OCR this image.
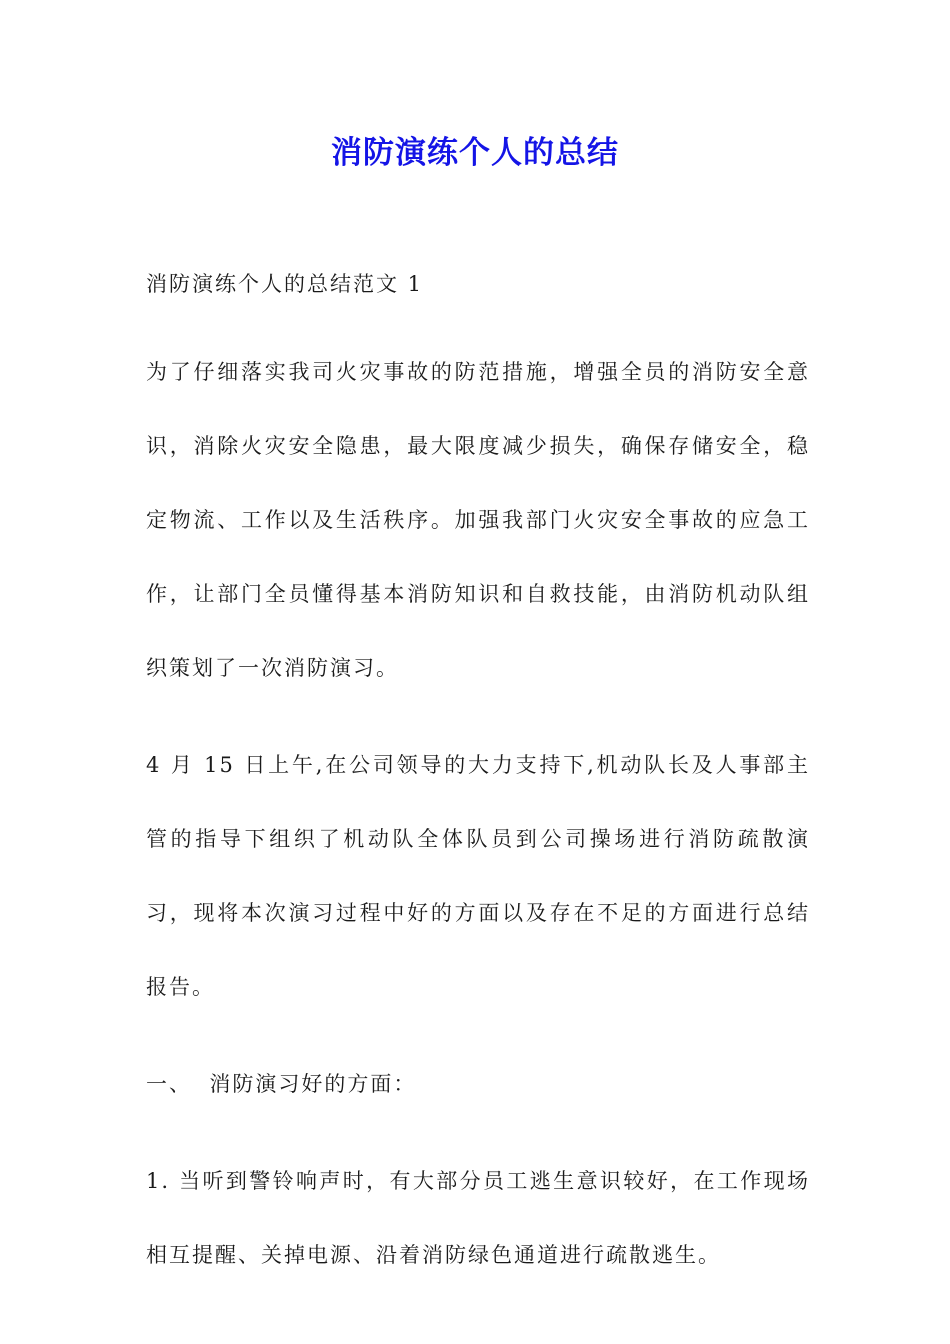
消防演练个人的总结

消防演练个人的总结范文 1

为了仔细落实我司火灾事故的防范措施，增强全员的消防安全意识，消除火灾安全隐患，最大限度减少损失，确保存储安全，稳定物流、工作以及生活秩序。加强我部门火灾安全事故的应急工作，让部门全员懂得基本消防知识和自救技能，由消防机动队组织策划了一次消防演习。

4 月 15 日上午,在公司领导的大力支持下,机动队长及人事部主管的指导下组织了机动队全体队员到公司操场进行消防疏散演习，现将本次演习过程中好的方面以及存在不足的方面进行总结报告。

一、  消防演习好的方面：

1. 当听到警铃响声时，有大部分员工逃生意识较好，在工作现场相互提醒、关掉电源、沿着消防绿色通道进行疏散逃生。
